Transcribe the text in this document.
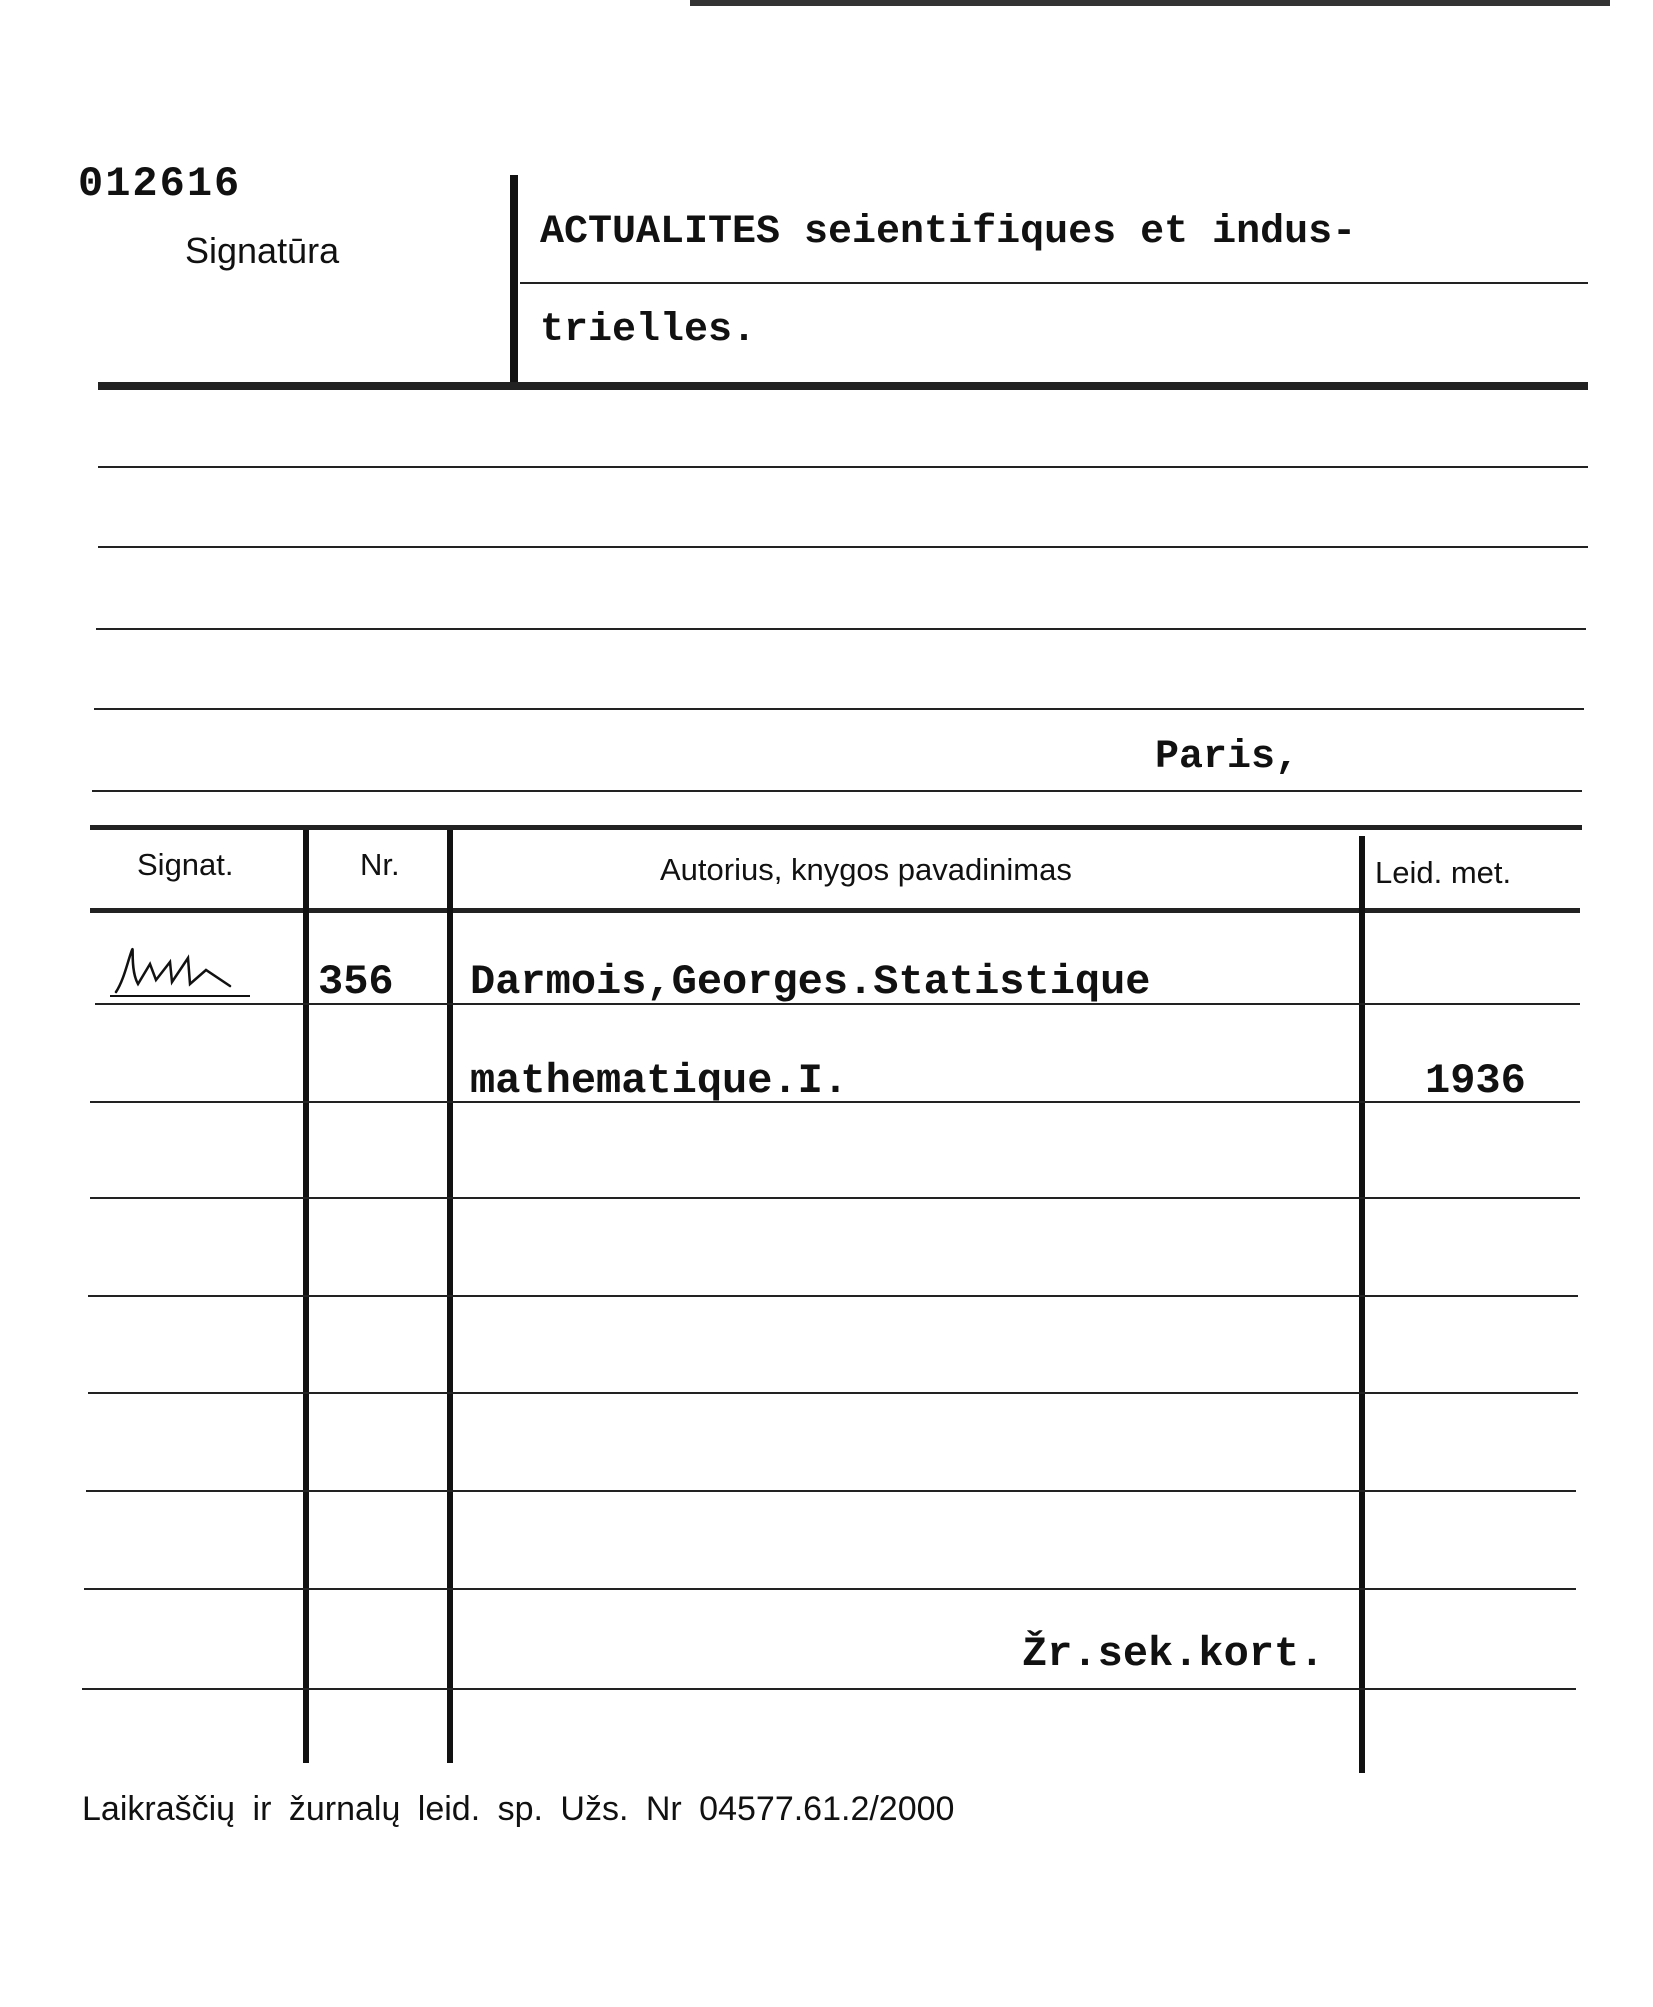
012616
Signatūra	ACTUALITES seientifiques et indus-
trielles.
Paris,
Signat.	Nr.	Autorius, knygos pavadinimas	Leid. met.
356 Darmois,Georges.Statistique
mathematique.I.	1936
Žr.sek.kort.
Laikraščių ir žurnalų leid. sp. Užs. Nr 04577.61.2/2000
